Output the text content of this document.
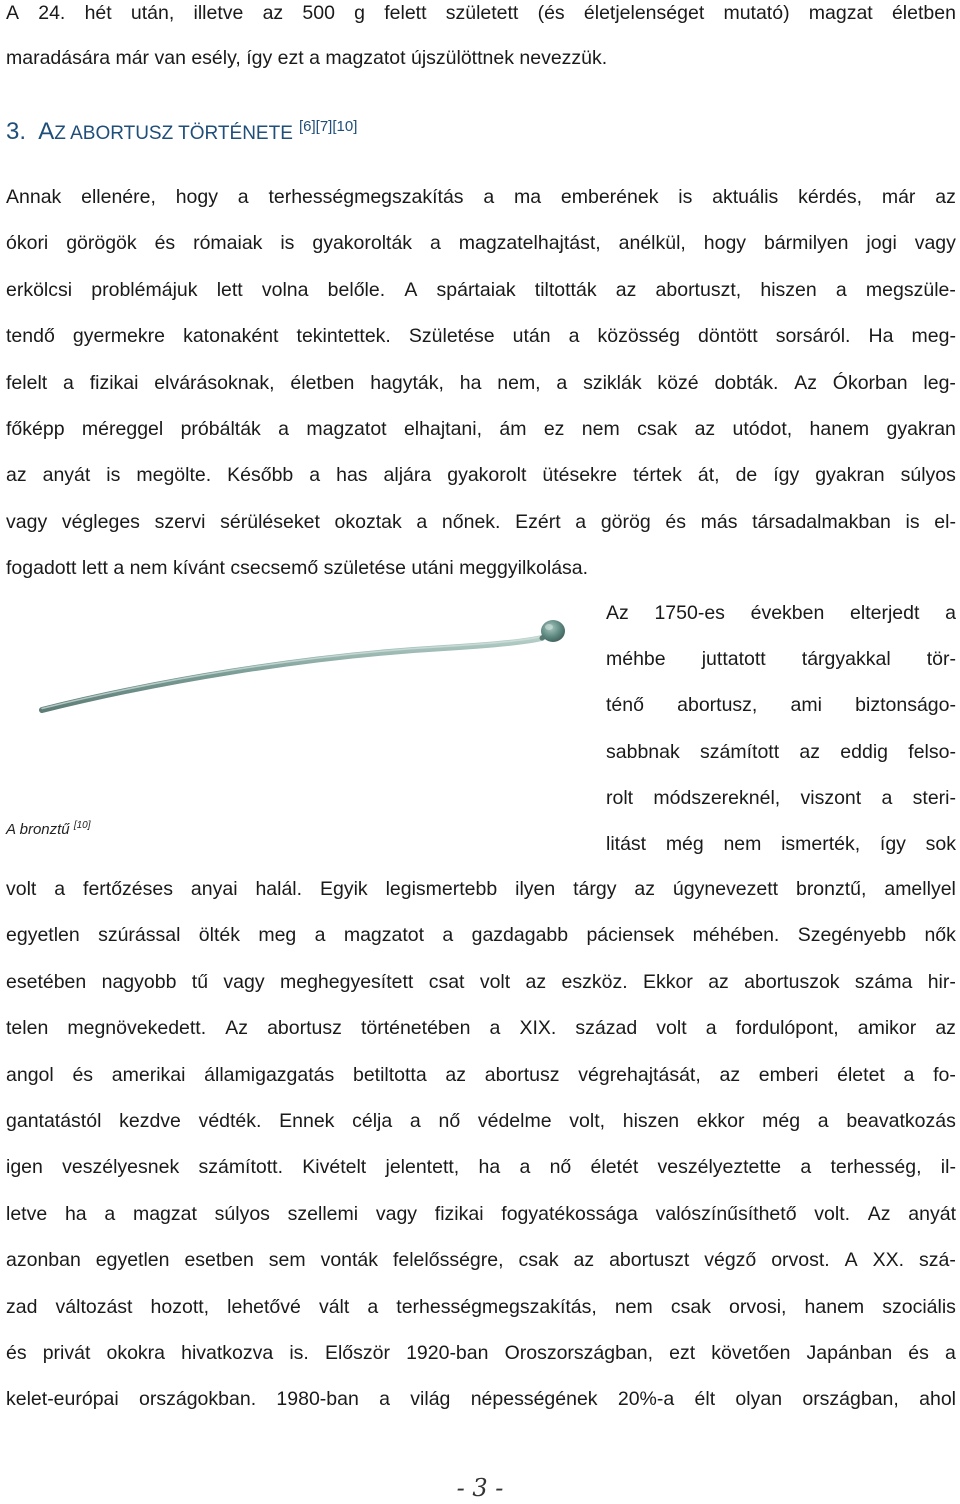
A 24. hét után, illetve az 500 g felett született (és életjelenséget mutató) magzat életben
maradására már van esély, így ezt a magzatot újszülöttnek nevezzük.
3. AZ ABORTUSZ TÖRTÉNETE [6][7][10]
Annak ellenére, hogy a terhességmegszakítás a ma emberének is aktuális kérdés, már az
ókori görögök és rómaiak is gyakorolták a magzatelhajtást, anélkül, hogy bármilyen jogi vagy
erkölcsi problémájuk lett volna belőle. A spártaiak tiltották az abortuszt, hiszen a megszüle-
tendő gyermekre katonaként tekintettek. Születése után a közösség döntött sorsáról. Ha meg-
felelt a fizikai elvárásoknak, életben hagyták, ha nem, a sziklák közé dobták. Az Ókorban leg-
főképp méreggel próbálták a magzatot elhajtani, ám ez nem csak az utódot, hanem gyakran
az anyát is megölte. Később a has aljára gyakorolt ütésekre tértek át, de így gyakran súlyos
vagy végleges szervi sérüléseket okoztak a nőnek. Ezért a görög és más társadalmakban is el-
fogadott lett a nem kívánt csecsemő születése utáni meggyilkolása.
A bronztű [10]
Az 1750-es években elterjedt a
méhbe juttatott tárgyakkal tör-
ténő abortusz, ami biztonságo-
sabbnak számított az eddig felso-
rolt módszereknél, viszont a steri-
litást még nem ismerték, így sok
volt a fertőzéses anyai halál. Egyik legismertebb ilyen tárgy az úgynevezett bronztű, amellyel
egyetlen szúrással ölték meg a magzatot a gazdagabb páciensek méhében. Szegényebb nők
esetében nagyobb tű vagy meghegyesített csat volt az eszköz. Ekkor az abortuszok száma hir-
telen megnövekedett. Az abortusz történetében a XIX. század volt a fordulópont, amikor az
angol és amerikai államigazgatás betiltotta az abortusz végrehajtását, az emberi életet a fo-
gantatástól kezdve védték. Ennek célja a nő védelme volt, hiszen ekkor még a beavatkozás
igen veszélyesnek számított. Kivételt jelentett, ha a nő életét veszélyeztette a terhesség, il-
letve ha a magzat súlyos szellemi vagy fizikai fogyatékossága valószínűsíthető volt. Az anyát
azonban egyetlen esetben sem vonták felelősségre, csak az abortuszt végző orvost. A XX. szá-
zad változást hozott, lehetővé vált a terhességmegszakítás, nem csak orvosi, hanem szociális
és privát okokra hivatkozva is. Először 1920-ban Oroszországban, ezt követően Japánban és a
kelet-európai országokban. 1980-ban a világ népességének 20%-a élt olyan országban, ahol
- 3 -
